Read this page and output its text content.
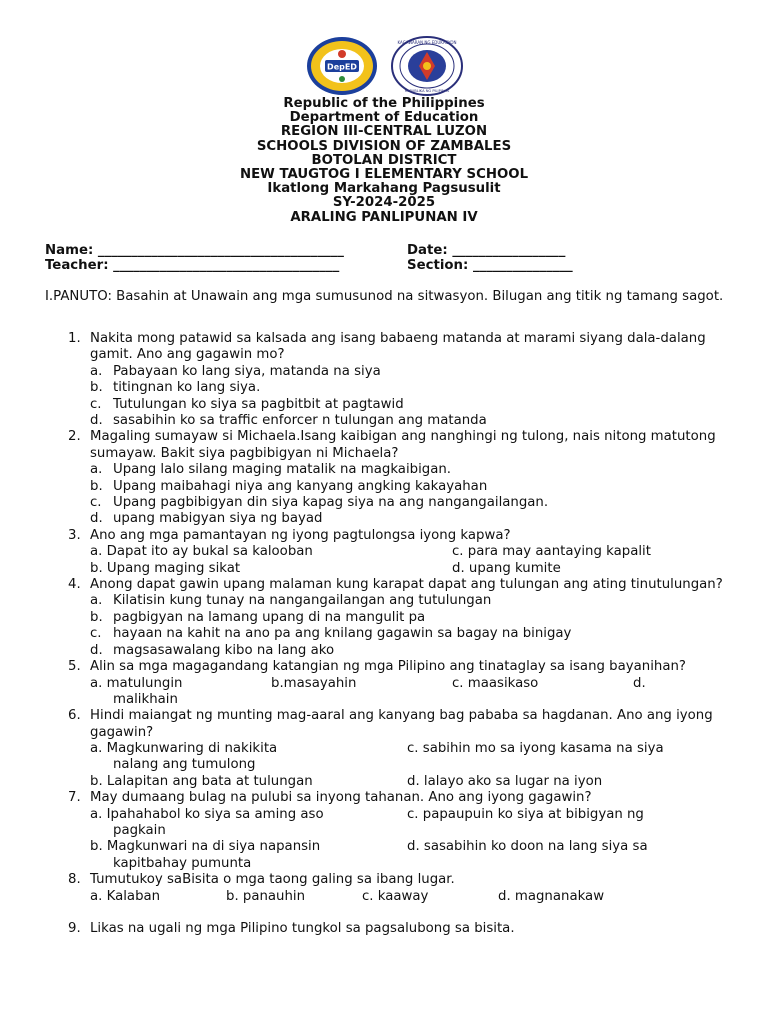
DepED
KAGAWARAN NG EDUKASYON
REPUBLIKA NG PILIPINAS
Republic of the Philippines
Department of Education
REGION III-CENTRAL LUZON
SCHOOLS DIVISION OF ZAMBALES
BOTOLAN DISTRICT
NEW TAUGTOG I ELEMENTARY SCHOOL
Ikatlong Markahang Pagsusulit
SY-2024-2025
ARALING PANLIPUNAN IV
Name: _____________________________________	Date: _________________
Teacher: __________________________________	Section: _______________
I.PANUTO: Basahin at Unawain ang mga sumusunod na sitwasyon. Bilugan ang titik ng tamang sagot.
1. Nakita mong patawid sa kalsada ang isang babaeng matanda at marami siyang dala-dalang gamit. Ano ang gagawin mo?
a. Pabayaan ko lang siya, matanda na siya
b. titingnan ko lang siya.
c. Tutulungan ko siya sa pagbitbit at pagtawid
d. sasabihin ko sa traffic enforcer n tulungan ang matanda
2. Magaling sumayaw si Michaela.Isang kaibigan ang nanghingi ng tulong, nais nitong matutong sumayaw. Bakit siya pagbibigyan ni Michaela?
a. Upang lalo silang maging matalik na magkaibigan.
b. Upang maibahagi niya ang kanyang angking kakayahan
c. Upang pagbibigyan din siya kapag siya na ang nangangailangan.
d. upang mabigyan siya ng bayad
3. Ano ang mga pamantayan ng iyong pagtulongsa iyong kapwa?
a. Dapat ito ay bukal sa kalooban	c. para may aantaying kapalit
b. Upang maging sikat	d. upang kumite
4. Anong dapat gawin upang malaman kung karapat dapat ang tulungan ang ating tinutulungan?
a. Kilatisin kung tunay na nangangailangan ang tutulungan
b. pagbigyan na lamang upang di na mangulit pa
c. hayaan na kahit na ano pa ang knilang gagawin sa bagay na binigay
d. magsasawalang kibo na lang ako
5. Alin sa mga magagandang katangian ng mga Pilipino ang tinataglay sa isang bayanihan?
a. matulungin	b.masayahin	c. maasikaso	d.
malikhain
6. Hindi maiangat ng munting mag-aaral ang kanyang bag pababa sa hagdanan. Ano ang iyong gagawin?
a. Magkunwaring di nakikita	c. sabihin mo sa iyong kasama na siya
nalang ang tumulong
b. Lalapitan ang bata at tulungan	d. lalayo ako sa lugar na iyon
7. May dumaang bulag na pulubi sa inyong tahanan. Ano ang iyong gagawin?
a. Ipahahabol ko siya sa aming aso	c. papaupuin ko siya at bibigyan ng
pagkain
b. Magkunwari na di siya napansin	d. sasabihin ko doon na lang siya sa
kapitbahay pumunta
8. Tumutukoy saBisita o mga taong galing sa ibang lugar.
a. Kalaban	b. panauhin	c. kaaway	d. magnanakaw
9. Likas na ugali ng mga Pilipino tungkol sa pagsalubong sa bisita.
